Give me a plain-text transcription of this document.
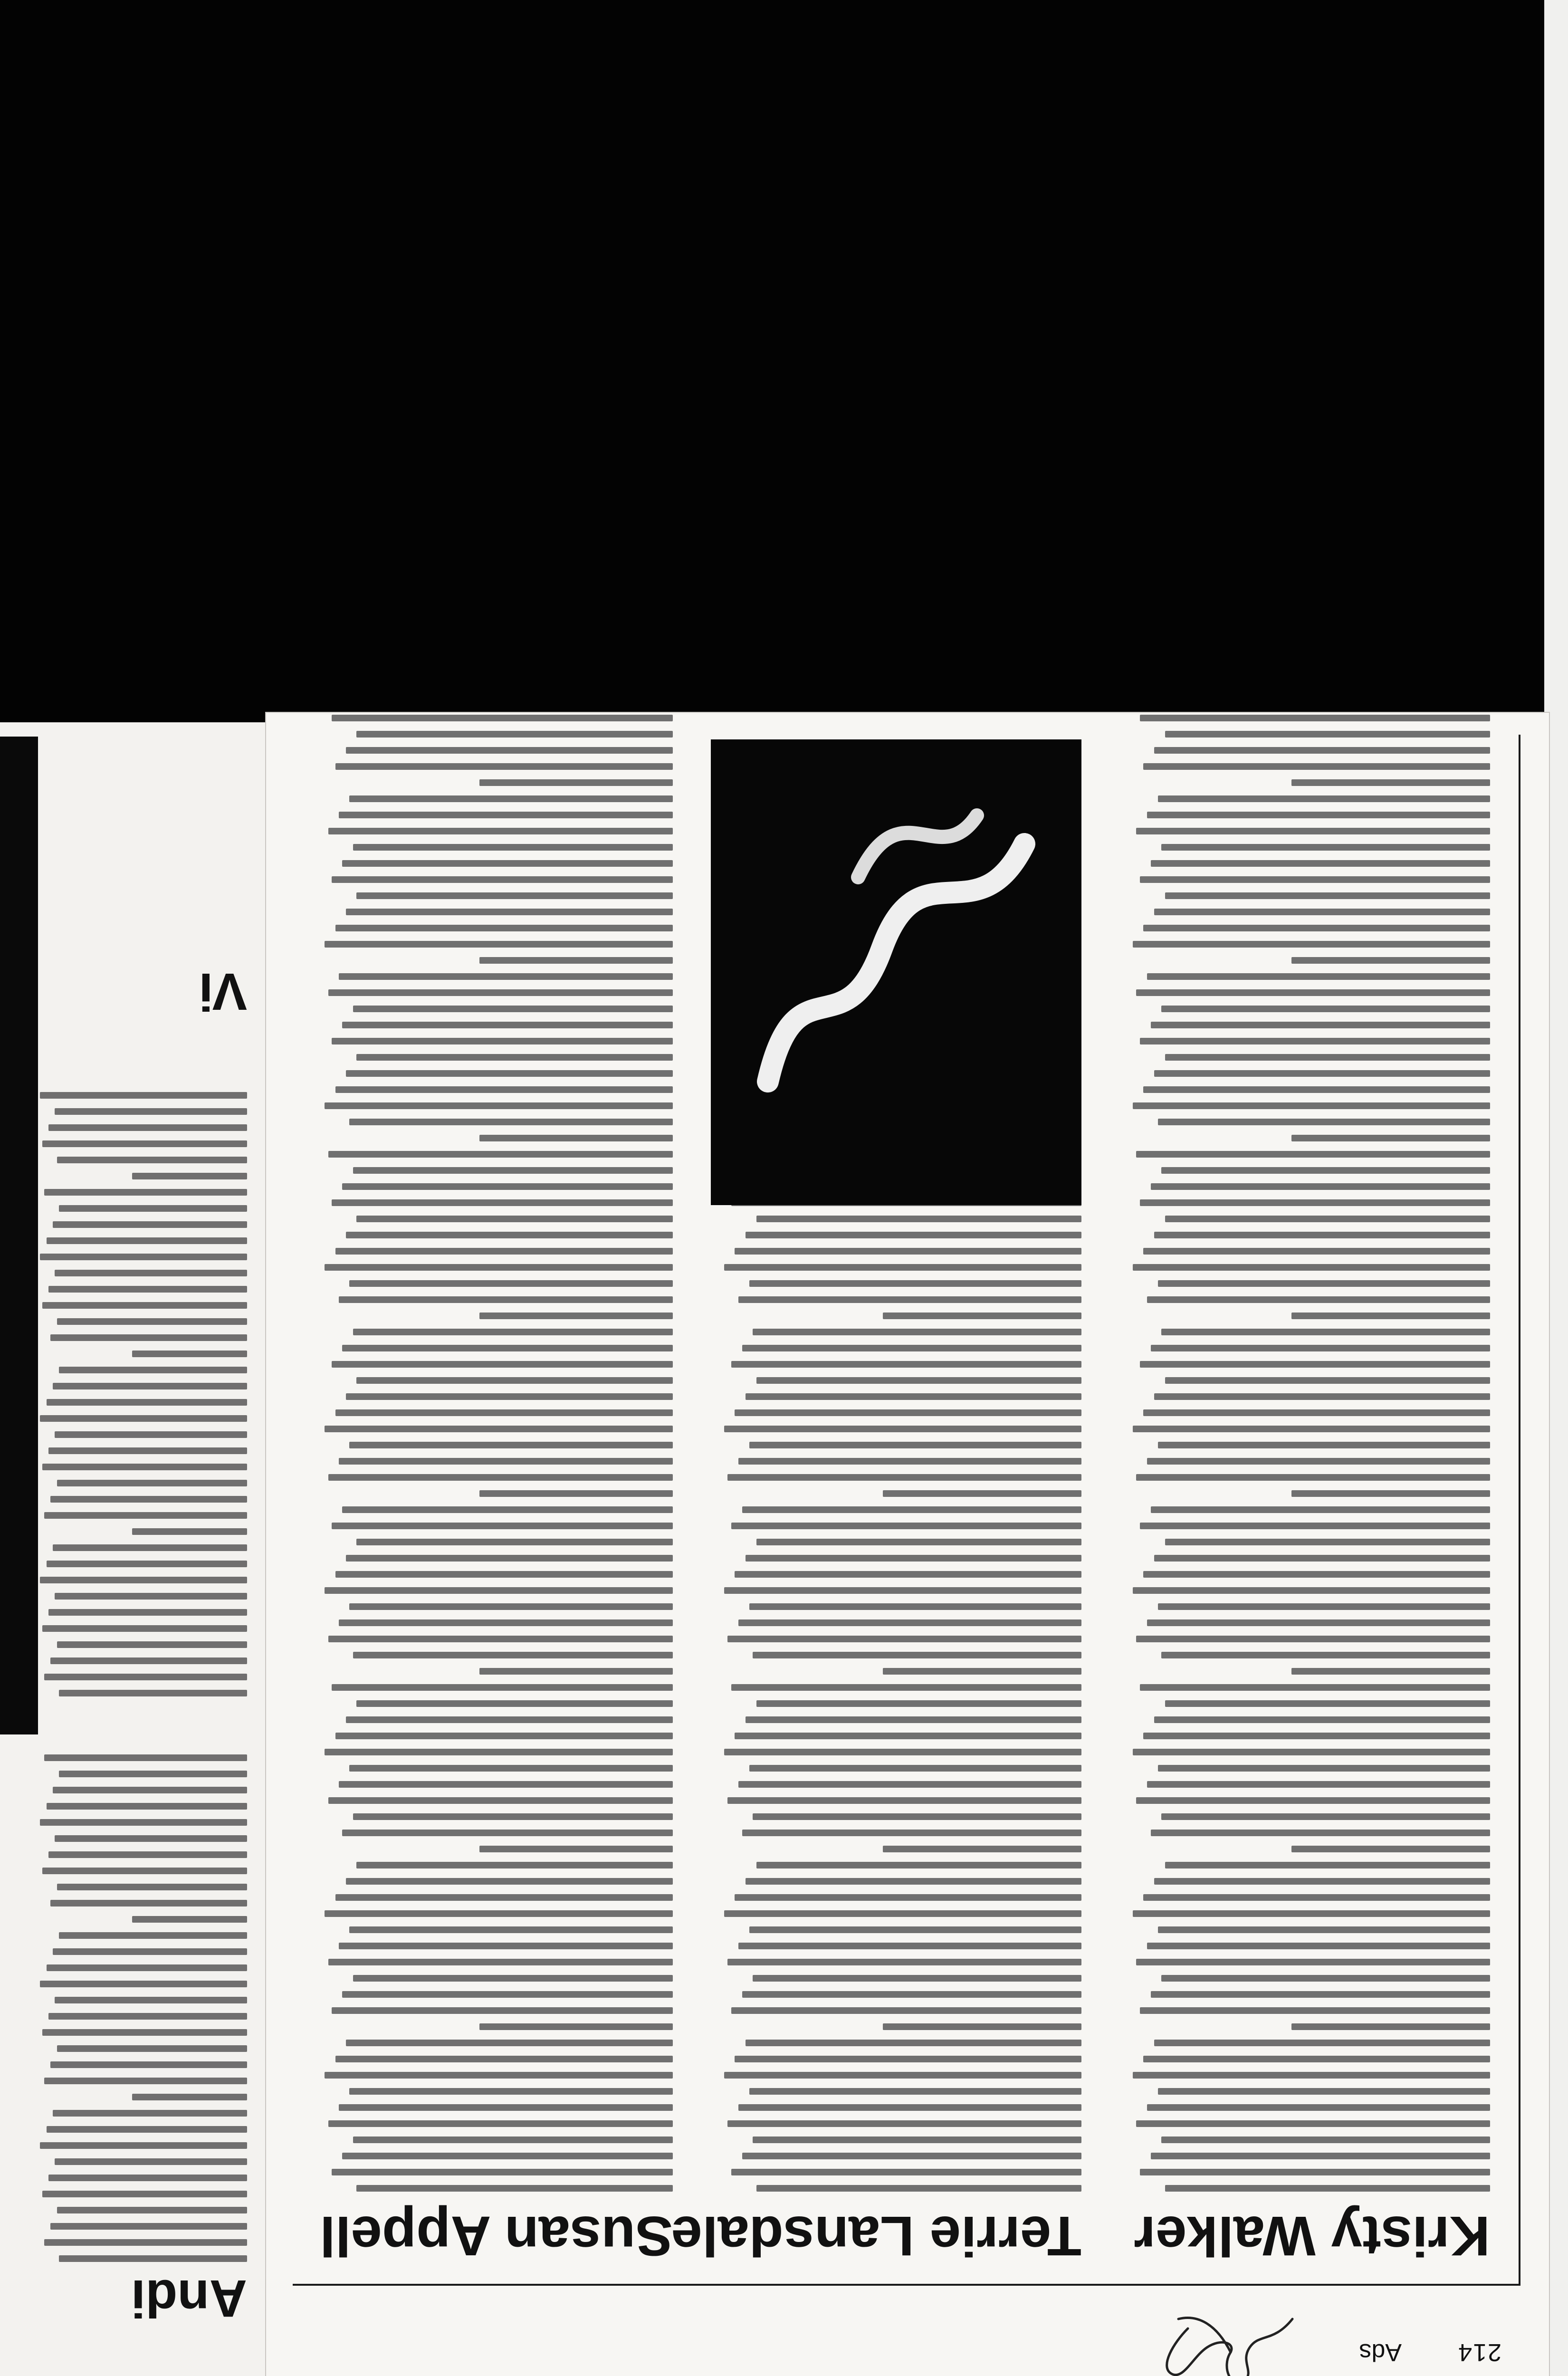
Andi
Vi
214
Ads
Kristy Walker
Terrie Lansdale
Susan Appell
